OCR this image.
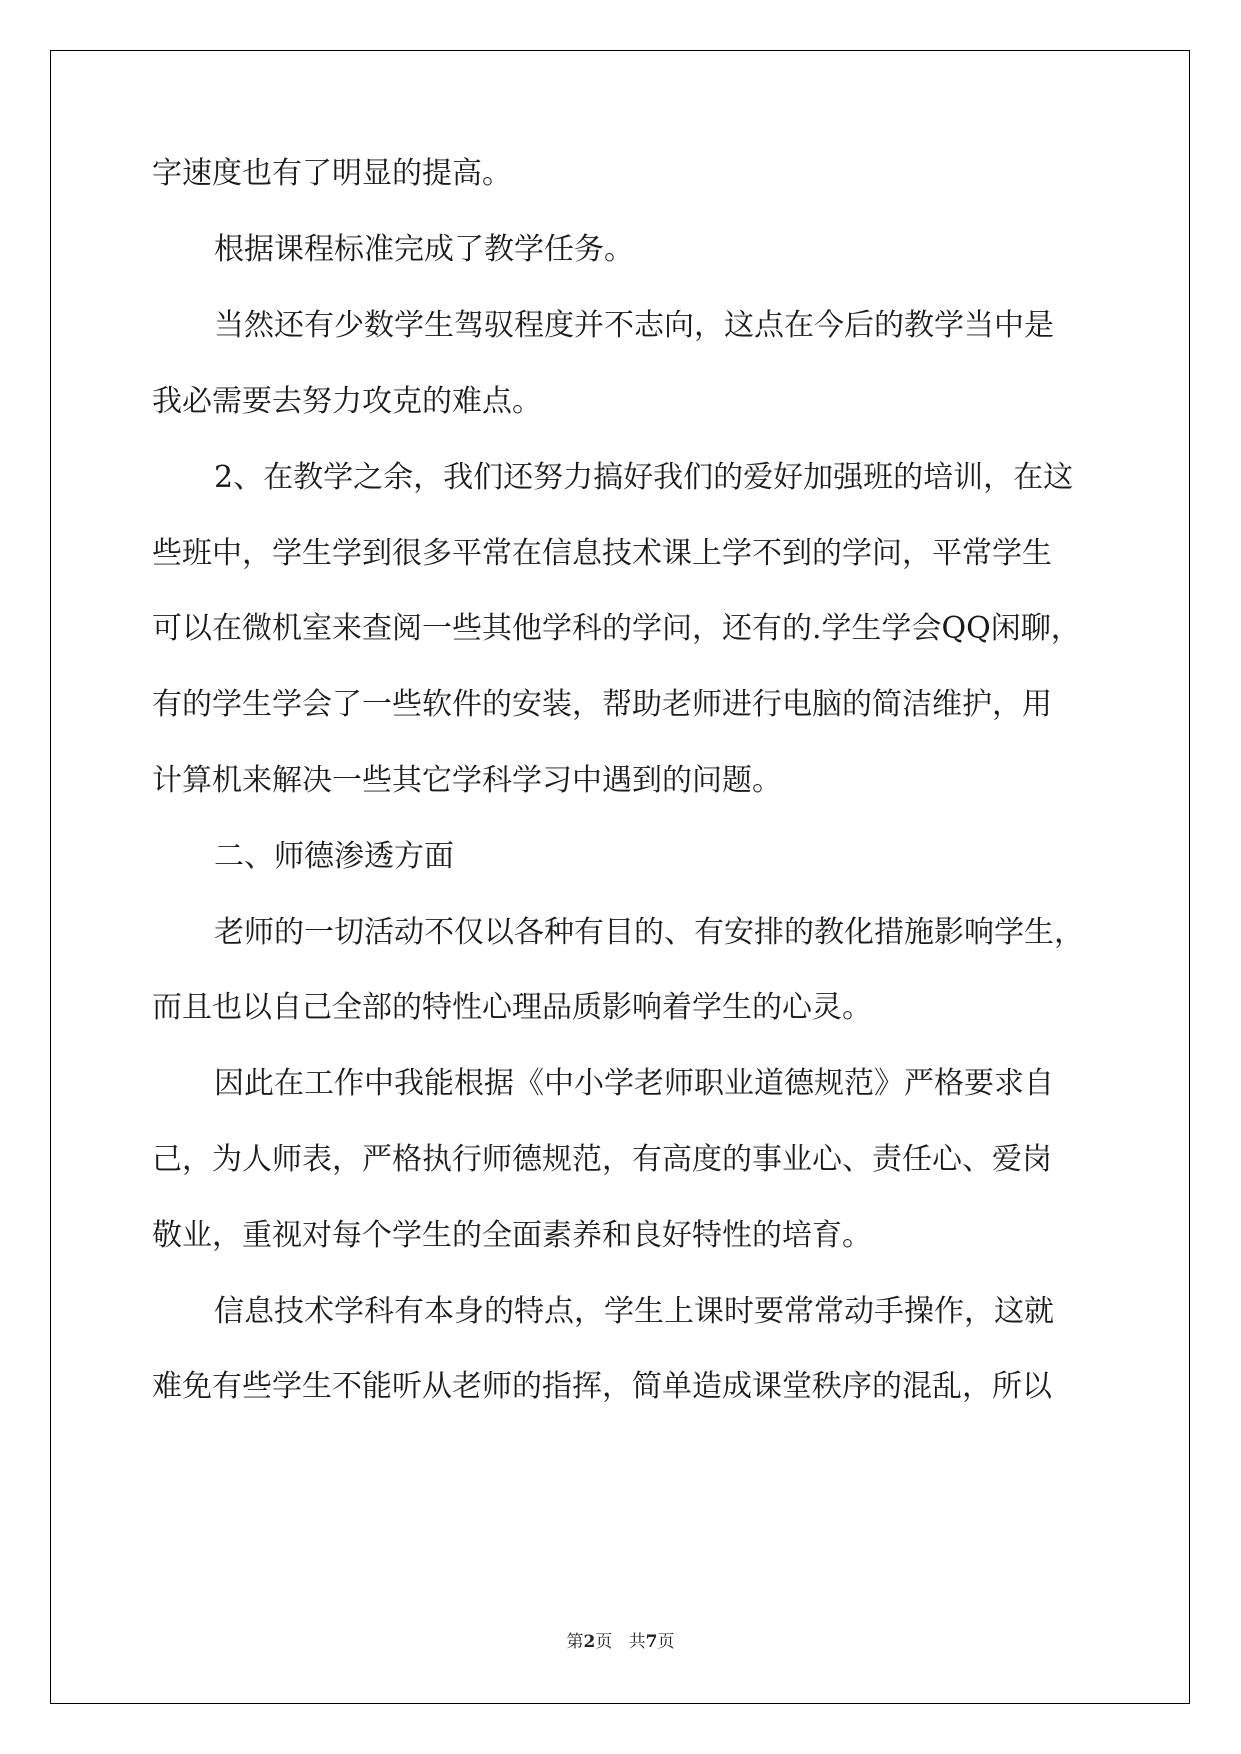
字速度也有了明显的提高。
根据课程标准完成了教学任务。
当然还有少数学生驾驭程度并不志向，这点在今后的教学当中是
我必需要去努力攻克的难点。
2、在教学之余，我们还努力搞好我们的爱好加强班的培训，在这
些班中，学生学到很多平常在信息技术课上学不到的学问，平常学生
可以在微机室来查阅一些其他学科的学问，还有的.学生学会QQ闲聊，
有的学生学会了一些软件的安装，帮助老师进行电脑的简洁维护，用
计算机来解决一些其它学科学习中遇到的问题。
二、师德渗透方面
老师的一切活动不仅以各种有目的、有安排的教化措施影响学生，
而且也以自己全部的特性心理品质影响着学生的心灵。
因此在工作中我能根据《中小学老师职业道德规范》严格要求自
己，为人师表，严格执行师德规范，有高度的事业心、责任心、爱岗
敬业，重视对每个学生的全面素养和良好特性的培育。
信息技术学科有本身的特点，学生上课时要常常动手操作，这就
难免有些学生不能听从老师的指挥，简单造成课堂秩序的混乱，所以
第2页 共7页
